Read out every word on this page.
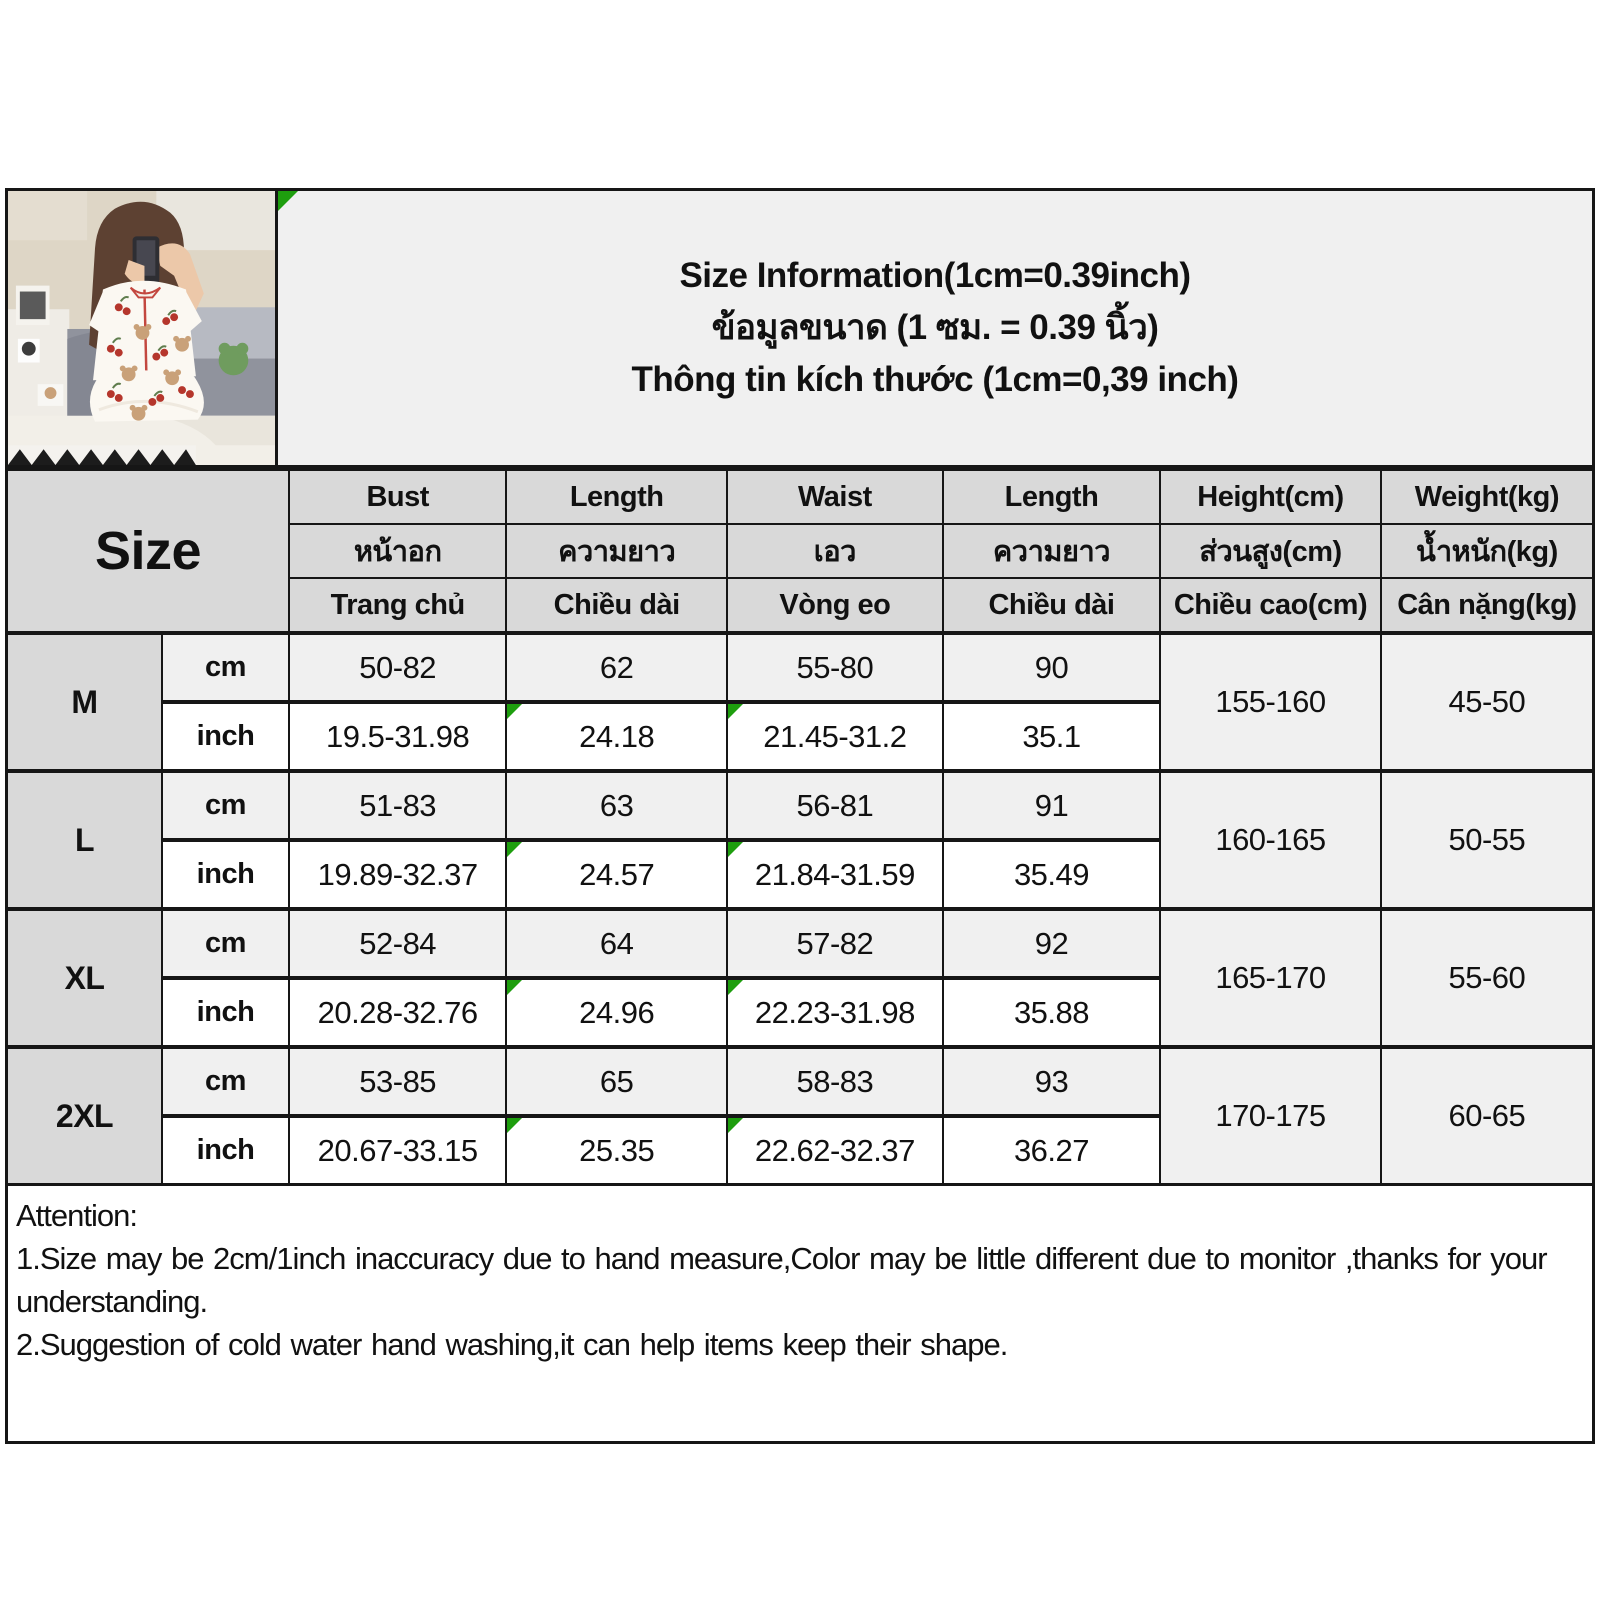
Size Information(1cm=0.39inch)
ข้อมูลขนาด (1 ซม. = 0.39 นิ้ว)
Thông tin kích thước (1cm=0,39 inch)
Size		Bust	Length	Waist	Length	Height(cm)	Weight(kg)
		หน้าอก	ความยาว	เอว	ความยาว	ส่วนสูง(cm)	น้ำหนัก(kg)
		Trang chủ	Chiều dài	Vòng eo	Chiều dài	Chiều cao(cm)	Cân nặng(kg)
M	cm	50-82	62	55-80	90	155-160	45-50
	inch	19.5-31.98	24.18	21.45-31.2	35.1		
L	cm	51-83	63	56-81	91	160-165	50-55
	inch	19.89-32.37	24.57	21.84-31.59	35.49		
XL	cm	52-84	64	57-82	92	165-170	55-60
	inch	20.28-32.76	24.96	22.23-31.98	35.88		
2XL	cm	53-85	65	58-83	93	170-175	60-65
	inch	20.67-33.15	25.35	22.62-32.37	36.27		

Attention:

1.Size may be 2cm/1inch inaccuracy due to hand measure,Color may be little different due to monitor ,thanks for your understanding.

2.Suggestion of cold water hand washing,it can help items keep their shape.
